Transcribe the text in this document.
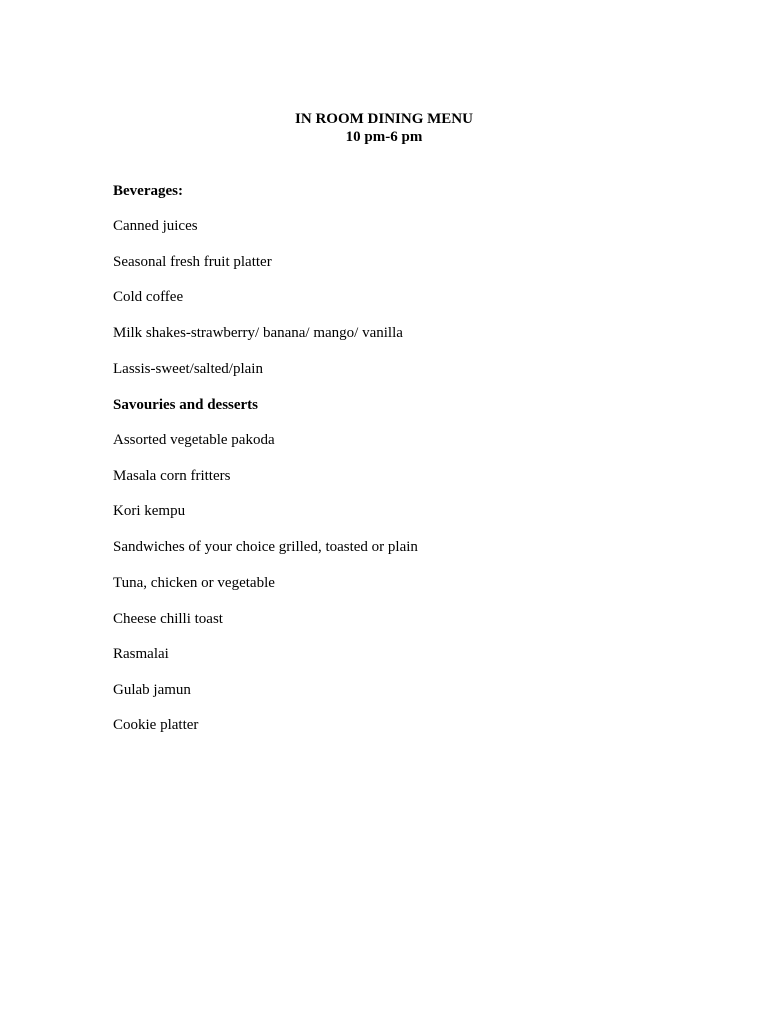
IN ROOM DINING MENU
10 pm-6 pm
Beverages:
Canned juices
Seasonal fresh fruit platter
Cold coffee
Milk shakes-strawberry/ banana/ mango/ vanilla
Lassis-sweet/salted/plain
Savouries and desserts
Assorted vegetable pakoda
Masala corn fritters
Kori kempu
Sandwiches of your choice grilled, toasted or plain
Tuna, chicken or vegetable
Cheese chilli toast
Rasmalai
Gulab jamun
Cookie platter
